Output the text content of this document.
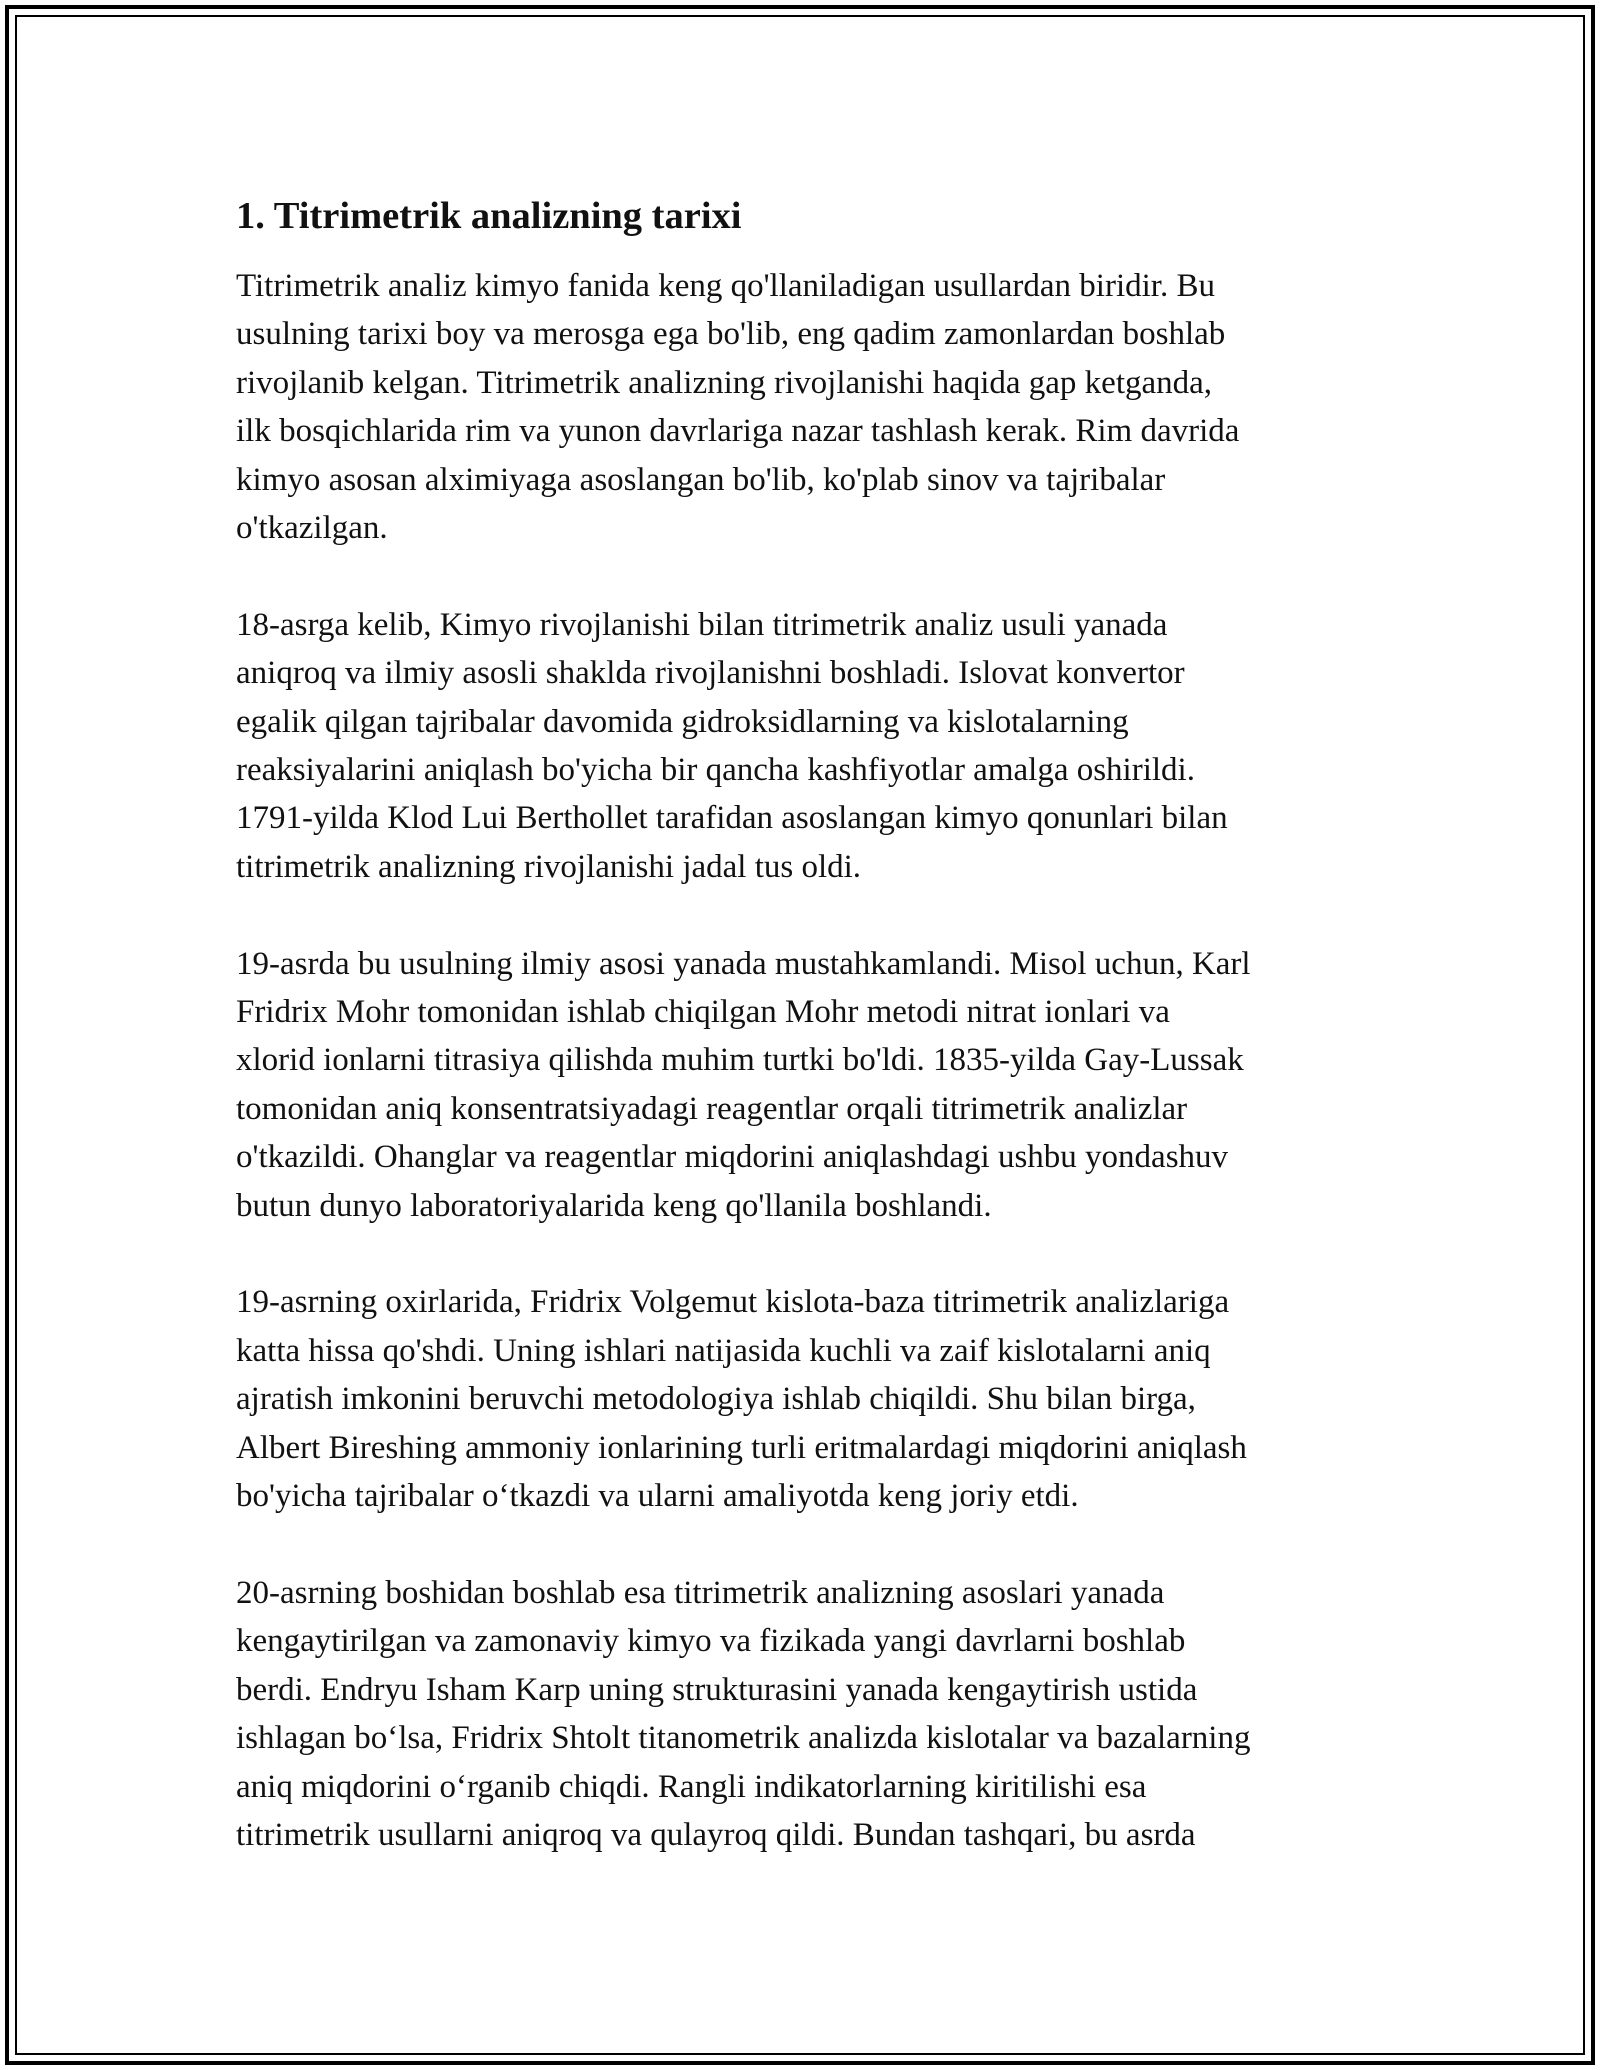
1. Titrimetrik analizning tarixi

Titrimetrik analiz kimyo fanida keng qo'llaniladigan usullardan biridir. Bu
usulning tarixi boy va merosga ega bo'lib, eng qadim zamonlardan boshlab
rivojlanib kelgan. Titrimetrik analizning rivojlanishi haqida gap ketganda,
ilk bosqichlarida rim va yunon davrlariga nazar tashlash kerak. Rim davrida
kimyo asosan alximiyaga asoslangan bo'lib, ko'plab sinov va tajribalar
o'tkazilgan.

18-asrga kelib, Kimyo rivojlanishi bilan titrimetrik analiz usuli yanada
aniqroq va ilmiy asosli shaklda rivojlanishni boshladi. Islovat konvertor
egalik qilgan tajribalar davomida gidroksidlarning va kislotalarning
reaksiyalarini aniqlash bo'yicha bir qancha kashfiyotlar amalga oshirildi.
1791-yilda Klod Lui Berthollet tarafidan asoslangan kimyo qonunlari bilan
titrimetrik analizning rivojlanishi jadal tus oldi.

19-asrda bu usulning ilmiy asosi yanada mustahkamlandi. Misol uchun, Karl
Fridrix Mohr tomonidan ishlab chiqilgan Mohr metodi nitrat ionlari va
xlorid ionlarni titrasiya qilishda muhim turtki bo'ldi. 1835-yilda Gay-Lussak
tomonidan aniq konsentratsiyadagi reagentlar orqali titrimetrik analizlar
o'tkazildi. Ohanglar va reagentlar miqdorini aniqlashdagi ushbu yondashuv
butun dunyo laboratoriyalarida keng qo'llanila boshlandi.

19-asrning oxirlarida, Fridrix Volgemut kislota-baza titrimetrik analizlariga
katta hissa qo'shdi. Uning ishlari natijasida kuchli va zaif kislotalarni aniq
ajratish imkonini beruvchi metodologiya ishlab chiqildi. Shu bilan birga,
Albert Bireshing ammoniy ionlarining turli eritmalardagi miqdorini aniqlash
bo'yicha tajribalar o‘tkazdi va ularni amaliyotda keng joriy etdi.

20-asrning boshidan boshlab esa titrimetrik analizning asoslari yanada
kengaytirilgan va zamonaviy kimyo va fizikada yangi davrlarni boshlab
berdi. Endryu Isham Karp uning strukturasini yanada kengaytirish ustida
ishlagan bo‘lsa, Fridrix Shtolt titanometrik analizda kislotalar va bazalarning
aniq miqdorini o‘rganib chiqdi. Rangli indikatorlarning kiritilishi esa
titrimetrik usullarni aniqroq va qulayroq qildi. Bundan tashqari, bu asrda
